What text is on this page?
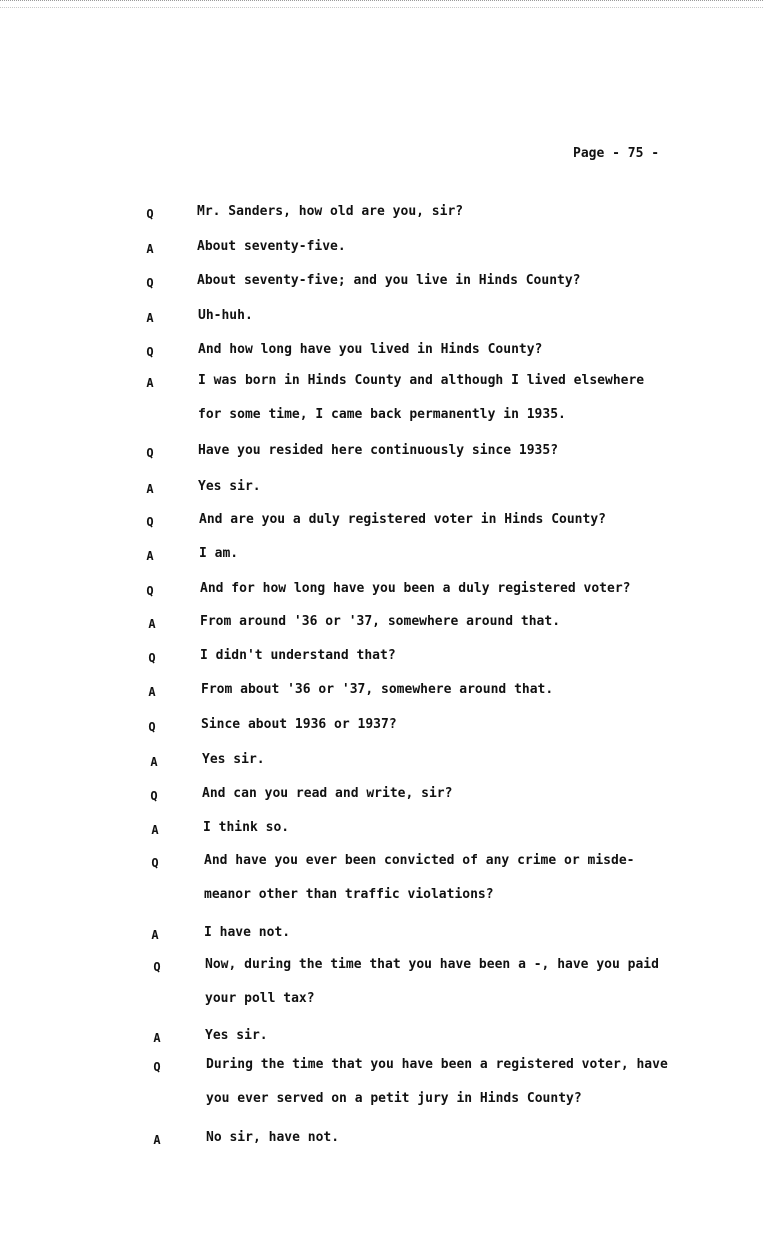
Page - 75 -
Q	Mr. Sanders, how old are you, sir?
A	About seventy-five.
Q	About seventy-five; and you live in Hinds County?
A	Uh-huh.
Q	And how long have you lived in Hinds County?
A	I was born in Hinds County and although I lived elsewhere
for some time, I came back permanently in 1935.
Q	Have you resided here continuously since 1935?
A	Yes sir.
Q	And are you a duly registered voter in Hinds County?
A	I am.
Q	And for how long have you been a duly registered voter?
A	From around '36 or '37, somewhere around that.
Q	I didn't understand that?
A	From about '36 or '37, somewhere around that.
Q	Since about 1936 or 1937?
A	Yes sir.
Q	And can you read and write, sir?
A	I think so.
Q	And have you ever been convicted of any crime or misde-
meanor other than traffic violations?
A	I have not.
Q	Now, during the time that you have been a -, have you paid
your poll tax?
A	Yes sir.
Q	During the time that you have been a registered voter, have
you ever served on a petit jury in Hinds County?
A	No sir, have not.
